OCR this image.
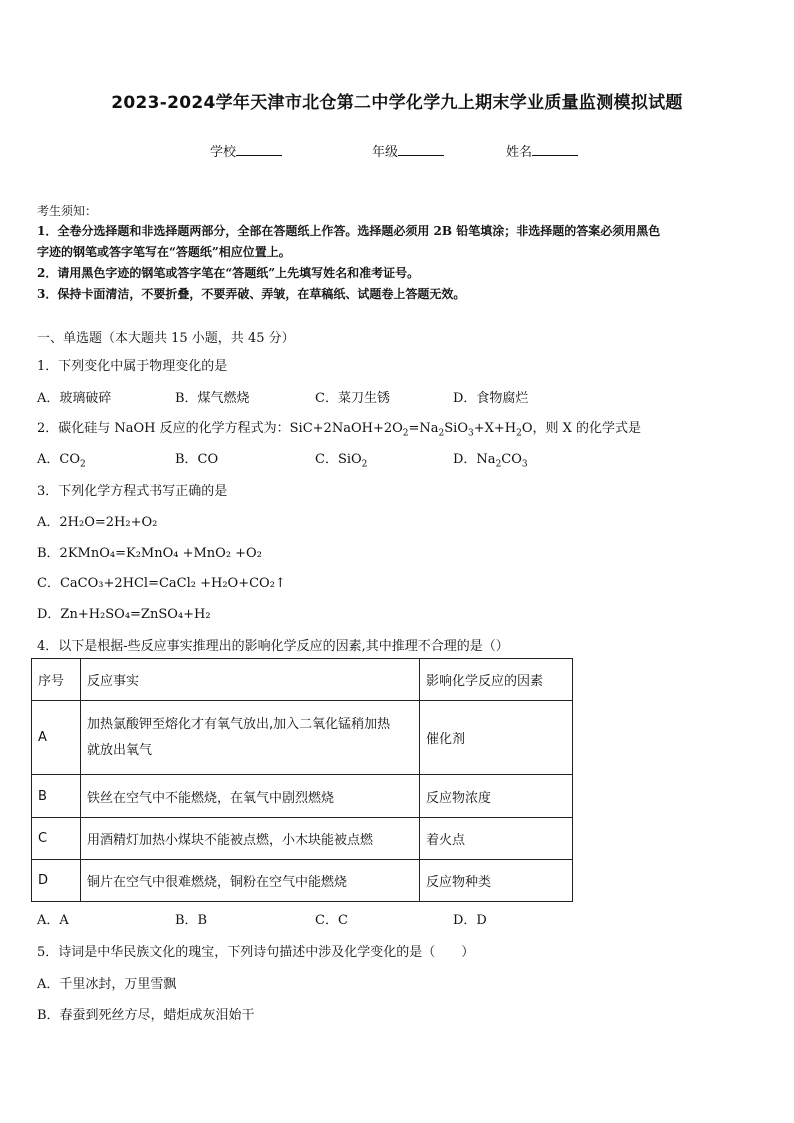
2023-2024学年天津市北仓第二中学化学九上期末学业质量监测模拟试题
学校	年级	姓名
考生须知：
1．全卷分选择题和非选择题两部分，全部在答题纸上作答。选择题必须用 2B 铅笔填涂；非选择题的答案必须用黑色
字迹的钢笔或答字笔写在“答题纸”相应位置上。
2．请用黑色字迹的钢笔或答字笔在“答题纸”上先填写姓名和准考证号。
3．保持卡面清洁，不要折叠，不要弄破、弄皱，在草稿纸、试题卷上答题无效。
一、单选题（本大题共 15 小题，共 45 分）
1．下列变化中属于物理变化的是
A．玻璃破碎	B．煤气燃烧	C．菜刀生锈	D．食物腐烂
2．碳化硅与 NaOH 反应的化学方程式为：$SiC+2NaOH+2O_2=Na_2SiO_3+X+H_2O$，则 X 的化学式是
A．$CO_2$	B．CO	C．SiO$_2$	D．$Na_2CO_3$
3．下列化学方程式书写正确的是
A．2H₂O=2H₂+O₂
B．2KMnO₄=K₂MnO₄ +MnO₂ +O₂
C．CaCO₃+2HCl=CaCl₂ +H₂O+CO₂↑
D．Zn+H₂SO₄=ZnSO₄+H₂
4．以下是根据-些反应事实推理出的影响化学反应的因素,其中推理不合理的是（）
序号	反应事实	影响化学反应的因素
A	加热氯酸钾至熔化才有氧气放出,加入二氧化锰稍加热
就放出氧气	催化剂
B	铁丝在空气中不能燃烧，在氧气中剧烈燃烧	反应物浓度
C	用酒精灯加热小煤块不能被点燃，小木块能被点燃	着火点
D	铜片在空气中很难燃烧，铜粉在空气中能燃烧	反应物种类
A．A	B．B	C．C	D．D
5．诗词是中华民族文化的瑰宝，下列诗句描述中涉及化学变化的是（　　）
A．千里冰封，万里雪飘
B．春蚕到死丝方尽，蜡炬成灰泪始干
